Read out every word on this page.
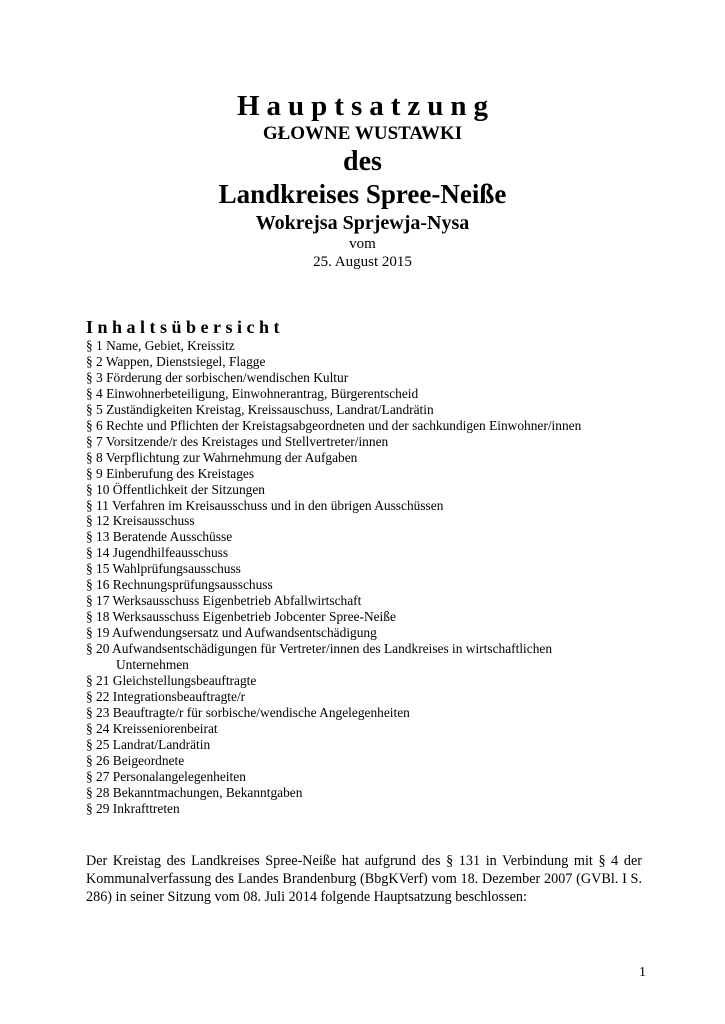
Hauptsatzung

GŁOWNE WUSTAWKI

des

Landkreises Spree-Neiße

Wokrejsa Sprjewja-Nysa

vom

25. August 2015

Inhaltsübersicht

§ 1 Name, Gebiet, Kreissitz
§ 2 Wappen, Dienstsiegel, Flagge
§ 3 Förderung der sorbischen/wendischen Kultur
§ 4 Einwohnerbeteiligung, Einwohnerantrag, Bürgerentscheid
§ 5 Zuständigkeiten Kreistag, Kreissauschuss, Landrat/Landrätin
§ 6 Rechte und Pflichten der Kreistagsabgeordneten und der sachkundigen Einwohner/innen
§ 7 Vorsitzende/r des Kreistages und Stellvertreter/innen
§ 8 Verpflichtung zur Wahrnehmung der Aufgaben
§ 9 Einberufung des Kreistages
§ 10 Öffentlichkeit der Sitzungen
§ 11 Verfahren im Kreisausschuss und in den übrigen Ausschüssen
§ 12 Kreisausschuss
§ 13 Beratende Ausschüsse
§ 14 Jugendhilfeausschuss
§ 15 Wahlprüfungsausschuss
§ 16 Rechnungsprüfungsausschuss
§ 17 Werksausschuss Eigenbetrieb Abfallwirtschaft
§ 18 Werksausschuss Eigenbetrieb Jobcenter Spree-Neiße
§ 19 Aufwendungsersatz und Aufwandsentschädigung
§ 20 Aufwandsentschädigungen für Vertreter/innen des Landkreises in wirtschaftlichen
Unternehmen
§ 21 Gleichstellungsbeauftragte
§ 22 Integrationsbeauftragte/r
§ 23 Beauftragte/r für sorbische/wendische Angelegenheiten
§ 24 Kreisseniorenbeirat
§ 25 Landrat/Landrätin
§ 26 Beigeordnete
§ 27 Personalangelegenheiten
§ 28 Bekanntmachungen, Bekanntgaben
§ 29 Inkrafttreten

Der Kreistag des Landkreises Spree-Neiße hat aufgrund des § 131 in Verbindung mit § 4 der Kommunalverfassung des Landes Brandenburg (BbgKVerf) vom 18. Dezember 2007 (GVBl. I S. 286) in seiner Sitzung vom 08. Juli 2014 folgende Hauptsatzung beschlossen:

1
